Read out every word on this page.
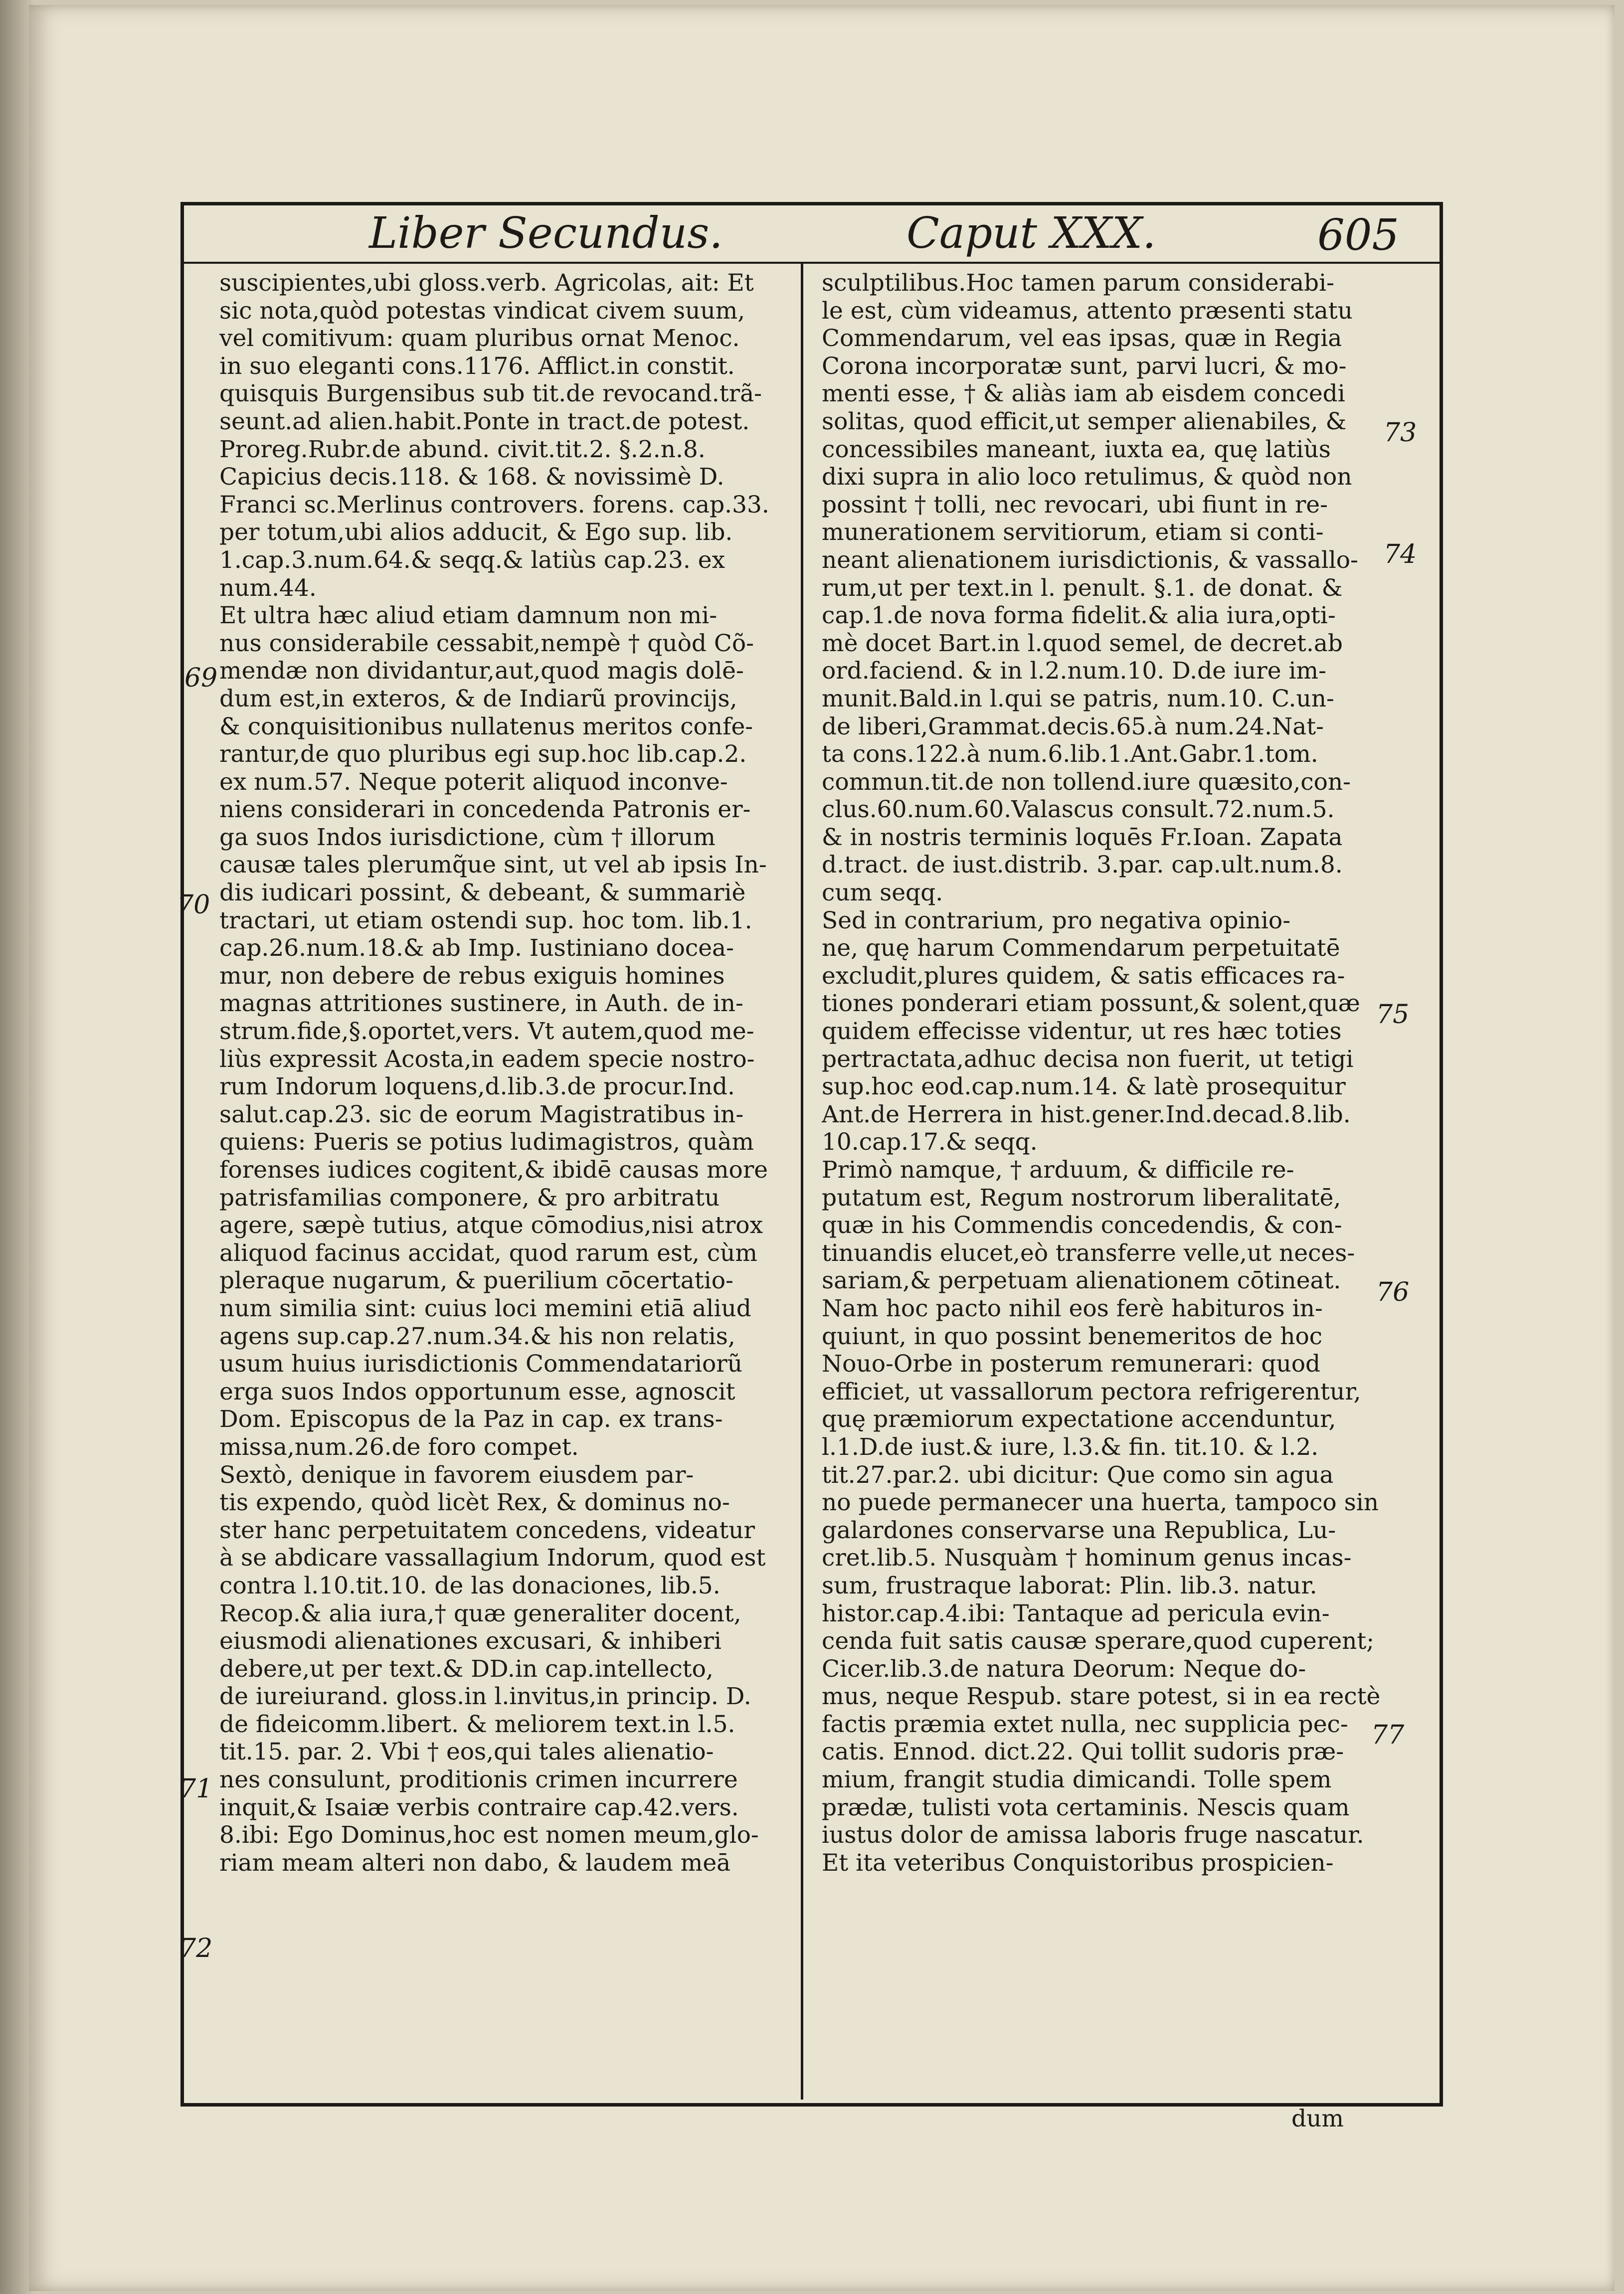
Liber Secundus.	Caput XXX.	605
suscipientes,ubi gloss.verb. Agricolas, ait: Et
sic nota,quòd potestas vindicat civem suum,
vel comitivum: quam pluribus ornat Menoc.
in suo eleganti cons.1176. Afflict.in constit.
quisquis Burgensibus sub tit.de revocand.trã-
seunt.ad alien.habit.Ponte in tract.de potest.
Proreg.Rubr.de abund. civit.tit.2. §.2.n.8.
Capicius decis.118. & 168. & novissimè D.
Franci sc.Merlinus controvers. forens. cap.33.
per totum,ubi alios adducit, & Ego sup. lib.
1.cap.3.num.64.& seqq.& latiùs cap.23. ex
num.44.
Et ultra hæc aliud etiam damnum non mi-
nus considerabile cessabit,nempè † quòd Cõ-
mendæ non dividantur,aut,quod magis dolē-
dum est,in exteros, & de Indiarũ provincijs,
& conquisitionibus nullatenus meritos confe-
rantur,de quo pluribus egi sup.hoc lib.cap.2.
ex num.57. Neque poterit aliquod inconve-
niens considerari in concedenda Patronis er-
ga suos Indos iurisdictione, cùm † illorum
causæ tales plerumq̃ue sint, ut vel ab ipsis In-
dis iudicari possint, & debeant, & summariè
tractari, ut etiam ostendi sup. hoc tom. lib.1.
cap.26.num.18.& ab Imp. Iustiniano docea-
mur, non debere de rebus exiguis homines
magnas attritiones sustinere, in Auth. de in-
strum.fide,§.oportet,vers. Vt autem,quod me-
liùs expressit Acosta,in eadem specie nostro-
rum Indorum loquens,d.lib.3.de procur.Ind.
salut.cap.23. sic de eorum Magistratibus in-
quiens: Pueris se potius ludimagistros, quàm
forenses iudices cogitent,& ibidē causas more
patrisfamilias componere, & pro arbitratu
agere, sæpè tutius, atque cōmodius,nisi atrox
aliquod facinus accidat, quod rarum est, cùm
pleraque nugarum, & puerilium cōcertatio-
num similia sint: cuius loci memini etiā aliud
agens sup.cap.27.num.34.& his non relatis,
usum huius iurisdictionis Commendatariorũ
erga suos Indos opportunum esse, agnoscit
Dom. Episcopus de la Paz in cap. ex trans-
missa,num.26.de foro compet.
Sextò, denique in favorem eiusdem par-
tis expendo, quòd licèt Rex, & dominus no-
ster hanc perpetuitatem concedens, videatur
à se abdicare vassallagium Indorum, quod est
contra l.10.tit.10. de las donaciones, lib.5.
Recop.& alia iura,† quæ generaliter docent,
eiusmodi alienationes excusari, & inhiberi
debere,ut per text.& DD.in cap.intellecto,
de iureiurand. gloss.in l.invitus,in princip. D.
de fideicomm.libert. & meliorem text.in l.5.
tit.15. par. 2. Vbi † eos,qui tales alienatio-
nes consulunt, proditionis crimen incurrere
inquit,& Isaiæ verbis contraire cap.42.vers.
8.ibi: Ego Dominus,hoc est nomen meum,glo-
riam meam alteri non dabo, & laudem meā
sculptilibus.Hoc tamen parum considerabi-
le est, cùm videamus, attento præsenti statu
Commendarum, vel eas ipsas, quæ in Regia
Corona incorporatæ sunt, parvi lucri, & mo-
menti esse, † & aliàs iam ab eisdem concedi
solitas, quod efficit,ut semper alienabiles, &
concessibiles maneant, iuxta ea, quę latiùs
dixi supra in alio loco retulimus, & quòd non
possint † tolli, nec revocari, ubi fiunt in re-
munerationem servitiorum, etiam si conti-
neant alienationem iurisdictionis, & vassallo-
rum,ut per text.in l. penult. §.1. de donat. &
cap.1.de nova forma fidelit.& alia iura,opti-
mè docet Bart.in l.quod semel, de decret.ab
ord.faciend. & in l.2.num.10. D.de iure im-
munit.Bald.in l.qui se patris, num.10. C.un-
de liberi,Grammat.decis.65.à num.24.Nat-
ta cons.122.à num.6.lib.1.Ant.Gabr.1.tom.
commun.tit.de non tollend.iure quæsito,con-
clus.60.num.60.Valascus consult.72.num.5.
& in nostris terminis loquēs Fr.Ioan. Zapata
d.tract. de iust.distrib. 3.par. cap.ult.num.8.
cum seqq.
Sed in contrarium, pro negativa opinio-
ne, quę harum Commendarum perpetuitatē
excludit,plures quidem, & satis efficaces ra-
tiones ponderari etiam possunt,& solent,quæ
quidem effecisse videntur, ut res hæc toties
pertractata,adhuc decisa non fuerit, ut tetigi
sup.hoc eod.cap.num.14. & latè prosequitur
Ant.de Herrera in hist.gener.Ind.decad.8.lib.
10.cap.17.& seqq.
Primò namque, † arduum, & difficile re-
putatum est, Regum nostrorum liberalitatē,
quæ in his Commendis concedendis, & con-
tinuandis elucet,eò transferre velle,ut neces-
sariam,& perpetuam alienationem cōtineat.
Nam hoc pacto nihil eos ferè habituros in-
quiunt, in quo possint benemeritos de hoc
Nouo-Orbe in posterum remunerari: quod
efficiet, ut vassallorum pectora refrigerentur,
quę præmiorum expectatione accenduntur,
l.1.D.de iust.& iure, l.3.& fin. tit.10. & l.2.
tit.27.par.2. ubi dicitur: Que como sin agua
no puede permanecer una huerta, tampoco sin
galardones conservarse una Republica, Lu-
cret.lib.5. Nusquàm † hominum genus incas-
sum, frustraque laborat: Plin. lib.3. natur.
histor.cap.4.ibi: Tantaque ad pericula evin-
cenda fuit satis causæ sperare,quod cuperent;
Cicer.lib.3.de natura Deorum: Neque do-
mus, neque Respub. stare potest, si in ea rectè
factis præmia extet nulla, nec supplicia pec-
catis. Ennod. dict.22. Qui tollit sudoris præ-
mium, frangit studia dimicandi. Tolle spem
prædæ, tulisti vota certaminis. Nescis quam
iustus dolor de amissa laboris fruge nascatur.
Et ita veteribus Conquistoribus prospicien-
69
70
71
72
73
74
75
76
77
dum
